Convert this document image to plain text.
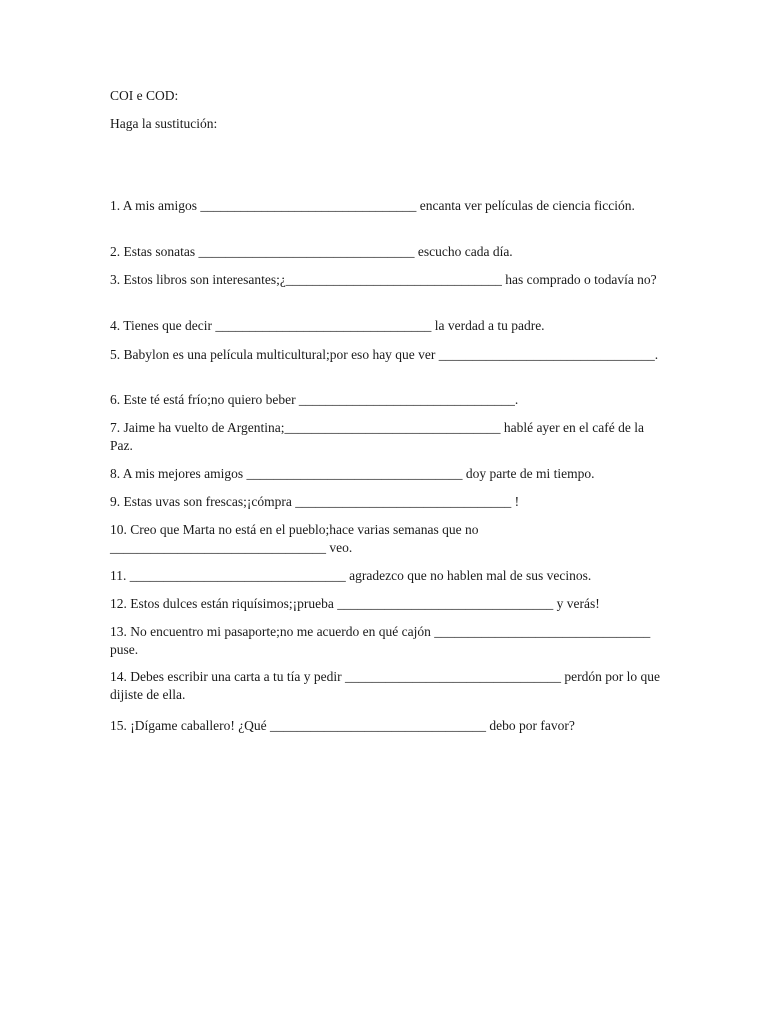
COI e COD:
Haga la sustitución:
1. A mis amigos ________________________________ encanta ver películas de ciencia ficción.
2. Estas sonatas ________________________________ escucho cada día.
3. Estos libros son interesantes;¿________________________________ has comprado o todavía no?
4. Tienes que decir ________________________________ la verdad a tu padre.
5. Babylon es una película multicultural;por eso hay que ver ________________________________.
6. Este té está frío;no quiero beber ________________________________.
7. Jaime ha vuelto de Argentina;________________________________ hablé ayer en el café de la Paz.
8. A mis mejores amigos ________________________________ doy parte de mi tiempo.
9. Estas uvas son frescas;¡cómpra ________________________________ !
10. Creo que Marta no está en el pueblo;hace varias semanas que no ________________________________ veo.
11. ________________________________ agradezco que no hablen mal de sus vecinos.
12. Estos dulces están riquísimos;¡prueba ________________________________ y verás!
13. No encuentro mi pasaporte;no me acuerdo en qué cajón ________________________________ puse.
14. Debes escribir una carta a tu tía y pedir ________________________________ perdón por lo que dijiste de ella.
15. ¡Dígame caballero! ¿Qué ________________________________ debo por favor?
